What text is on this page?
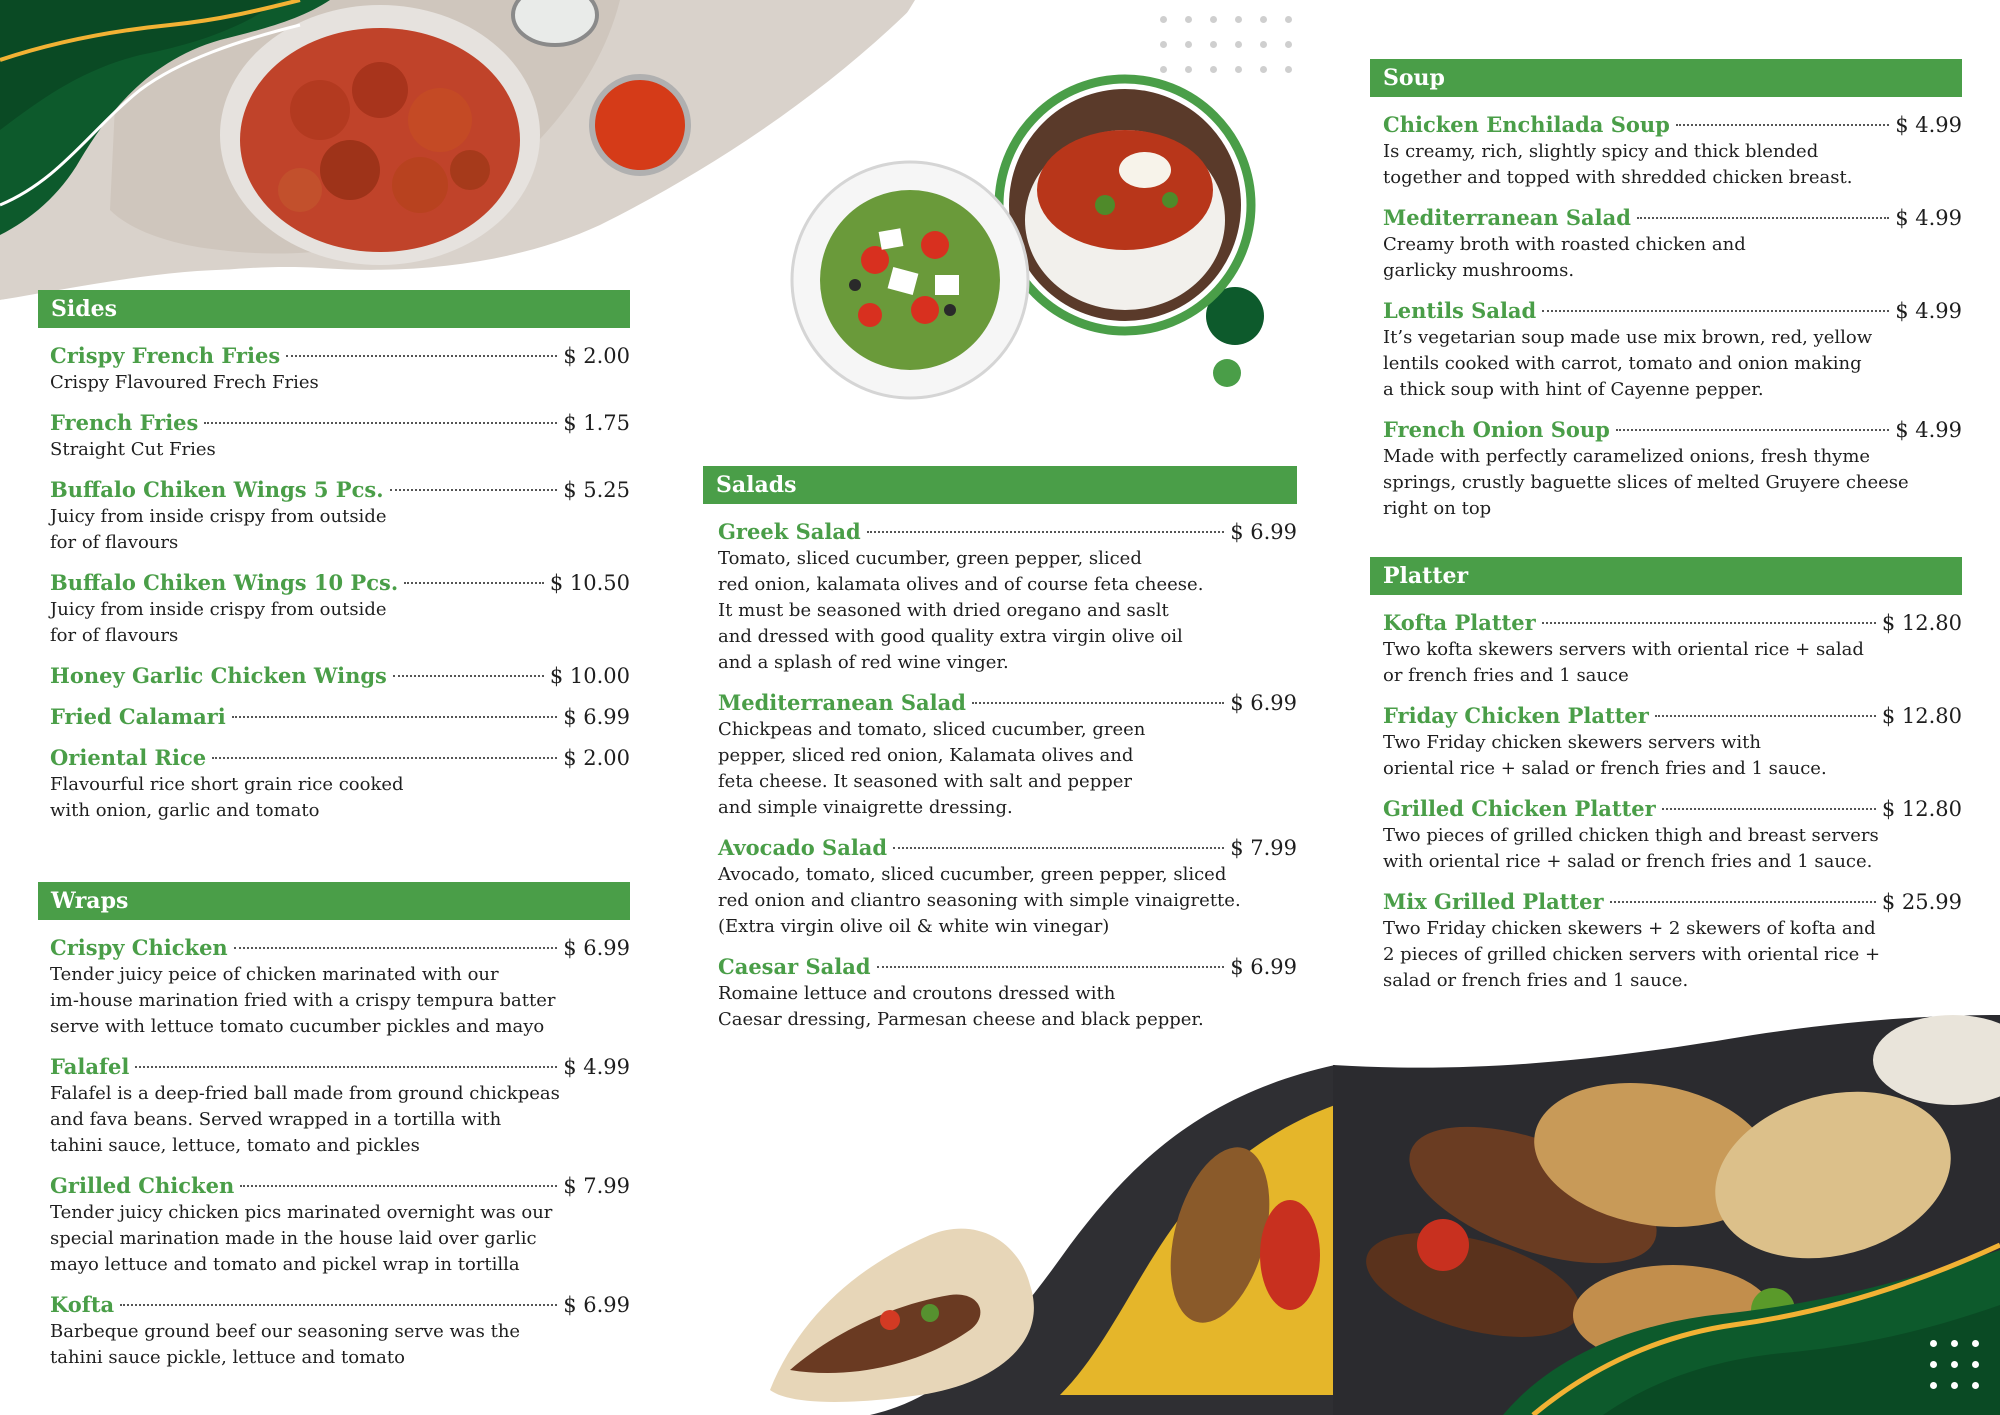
Sides
Crispy French Fries	$ 2.00
Crispy Flavoured Frech Fries
French Fries	$ 1.75
Straight Cut Fries
Buffalo Chiken Wings 5 Pcs.	$ 5.25
Juicy from inside crispy from outside
for of flavours
Buffalo Chiken Wings 10 Pcs.	$ 10.50
Juicy from inside crispy from outside
for of flavours
Honey Garlic Chicken Wings	$ 10.00
Fried Calamari	$ 6.99
Oriental Rice	$ 2.00
Flavourful rice short grain rice cooked
with onion, garlic and tomato
Wraps
Crispy Chicken	$ 6.99
Tender juicy peice of chicken marinated with our
im-house marination fried with a crispy tempura batter
serve with lettuce tomato cucumber pickles and mayo
Falafel	$ 4.99
Falafel is a deep-fried ball made from ground chickpeas
and fava beans. Served wrapped in a tortilla with
tahini sauce, lettuce, tomato and pickles
Grilled Chicken	$ 7.99
Tender juicy chicken pics marinated overnight was our
special marination made in the house laid over garlic
mayo lettuce and tomato and pickel wrap in tortilla
Kofta	$ 6.99
Barbeque ground beef our seasoning serve was the
tahini sauce pickle, lettuce and tomato
Salads
Greek Salad	$ 6.99
Tomato, sliced cucumber, green pepper, sliced
red onion, kalamata olives and of course feta cheese.
It must be seasoned with dried oregano and saslt
and dressed with good quality extra virgin olive oil
and a splash of red wine vinger.
Mediterranean Salad	$ 6.99
Chickpeas and tomato, sliced cucumber, green
pepper, sliced red onion, Kalamata olives and
feta cheese. It seasoned with salt and pepper
and simple vinaigrette dressing.
Avocado Salad	$ 7.99
Avocado, tomato, sliced cucumber, green pepper, sliced
red onion and cliantro seasoning with simple vinaigrette.
(Extra virgin olive oil & white win vinegar)
Caesar Salad	$ 6.99
Romaine lettuce and croutons dressed with
Caesar dressing, Parmesan cheese and black pepper.
Soup
Chicken Enchilada Soup	$ 4.99
Is creamy, rich, slightly spicy and thick blended
together and topped with shredded chicken breast.
Mediterranean Salad	$ 4.99
Creamy broth with roasted chicken and
garlicky mushrooms.
Lentils Salad	$ 4.99
It’s vegetarian soup made use mix brown, red, yellow
lentils cooked with carrot, tomato and onion making
a thick soup with hint of Cayenne pepper.
French Onion Soup	$ 4.99
Made with perfectly caramelized onions, fresh thyme
springs, crustly baguette slices of melted Gruyere cheese
right on top
Platter
Kofta Platter	$ 12.80
Two kofta skewers servers with oriental rice + salad
or french fries and 1 sauce
Friday Chicken Platter	$ 12.80
Two Friday chicken skewers servers with
oriental rice + salad or french fries and 1 sauce.
Grilled Chicken Platter	$ 12.80
Two pieces of grilled chicken thigh and breast servers
with oriental rice + salad or french fries and 1 sauce.
Mix Grilled Platter	$ 25.99
Two Friday chicken skewers + 2 skewers of kofta and
2 pieces of grilled chicken servers with oriental rice +
salad or french fries and 1 sauce.
